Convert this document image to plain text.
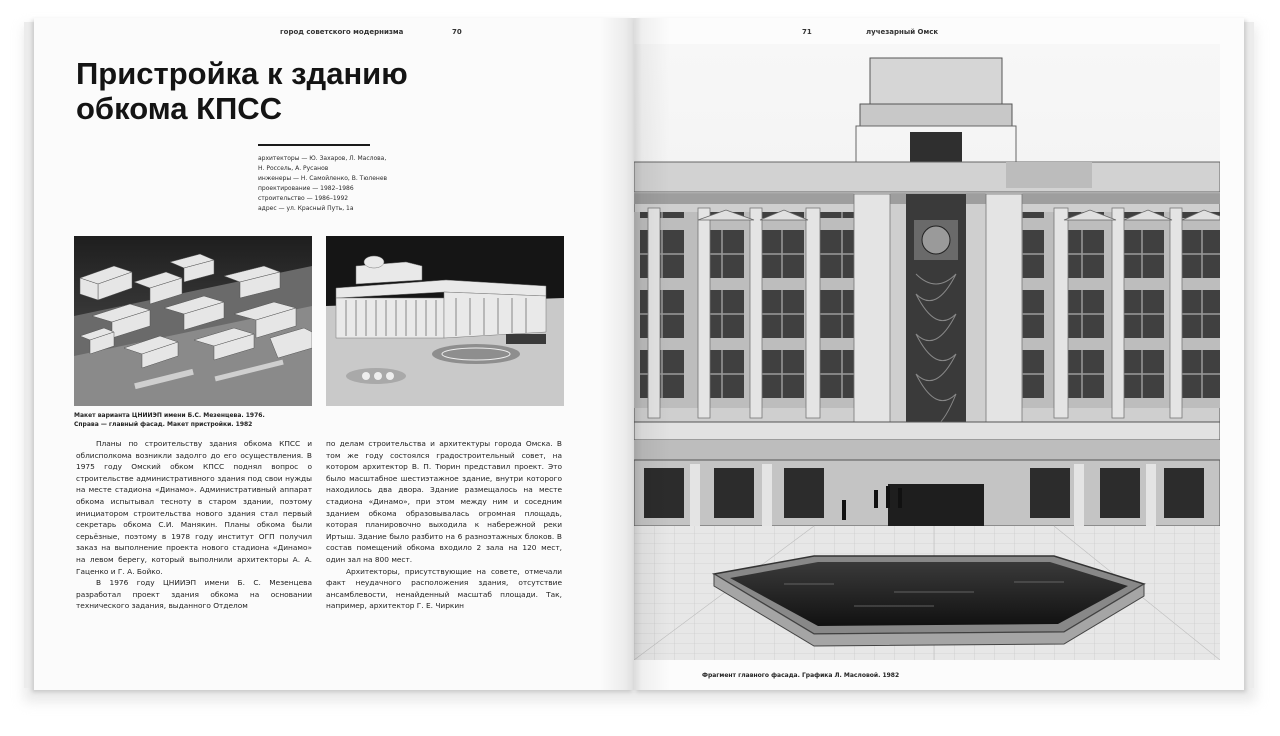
город советского модернизма	70
Пристройка к зданию
обкома КПСС
архитекторы — Ю. Захаров, Л. Маслова,
Н. Россель, А. Русанов
инженеры — Н. Самойленко, В. Тюленев
проектирование — 1982–1986
строительство — 1986–1992
адрес — ул. Красный Путь, 1а
Макет варианта ЦНИИЭП имени Б.С. Мезенцева. 1976.
Справа — главный фасад. Макет пристройки. 1982

Планы по строительству здания обкома КПСС и облисполкома возникли задолго до его осуществления. В 1975 году Омский обком КПСС поднял вопрос о строительстве административного здания под свои нужды на месте стадиона «Динамо». Административный аппарат обкома испытывал тесноту в старом здании, поэтому инициатором строительства нового здания стал первый секретарь обкома С.И. Манякин. Планы обкома были серьёзные, поэтому в 1978 году институт ОГП получил заказ на выполнение проекта нового стадиона «Динамо» на левом берегу, который выполнили архитекторы А. А. Гаценко и Г. А. Бойко.

В 1976 году ЦНИИЭП имени Б. С. Мезенцева разработал проект здания обкома на основании технического задания, выданного Отделом

по делам строительства и архитектуры города Омска. В том же году состоялся градостроительный совет, на котором архитектор В. П. Тюрин представил проект. Это было масштабное шестиэтажное здание, внутри которого находилось два двора. Здание размещалось на месте стадиона «Динамо», при этом между ним и соседним зданием обкома образовывалась огромная площадь, которая планировочно выходила к набережной реки Иртыш. Здание было разбито на 6 разноэтажных блоков. В состав помещений обкома входило 2 зала на 120 мест, один зал на 800 мест.

Архитекторы, присутствующие на совете, отмечали факт неудачного расположения здания, отсутствие ансамблевости, ненайденный масштаб площади. Так, например, архитектор Г. Е. Чиркин

71	лучезарный Омск
Фрагмент главного фасада. Графика Л. Масловой. 1982
